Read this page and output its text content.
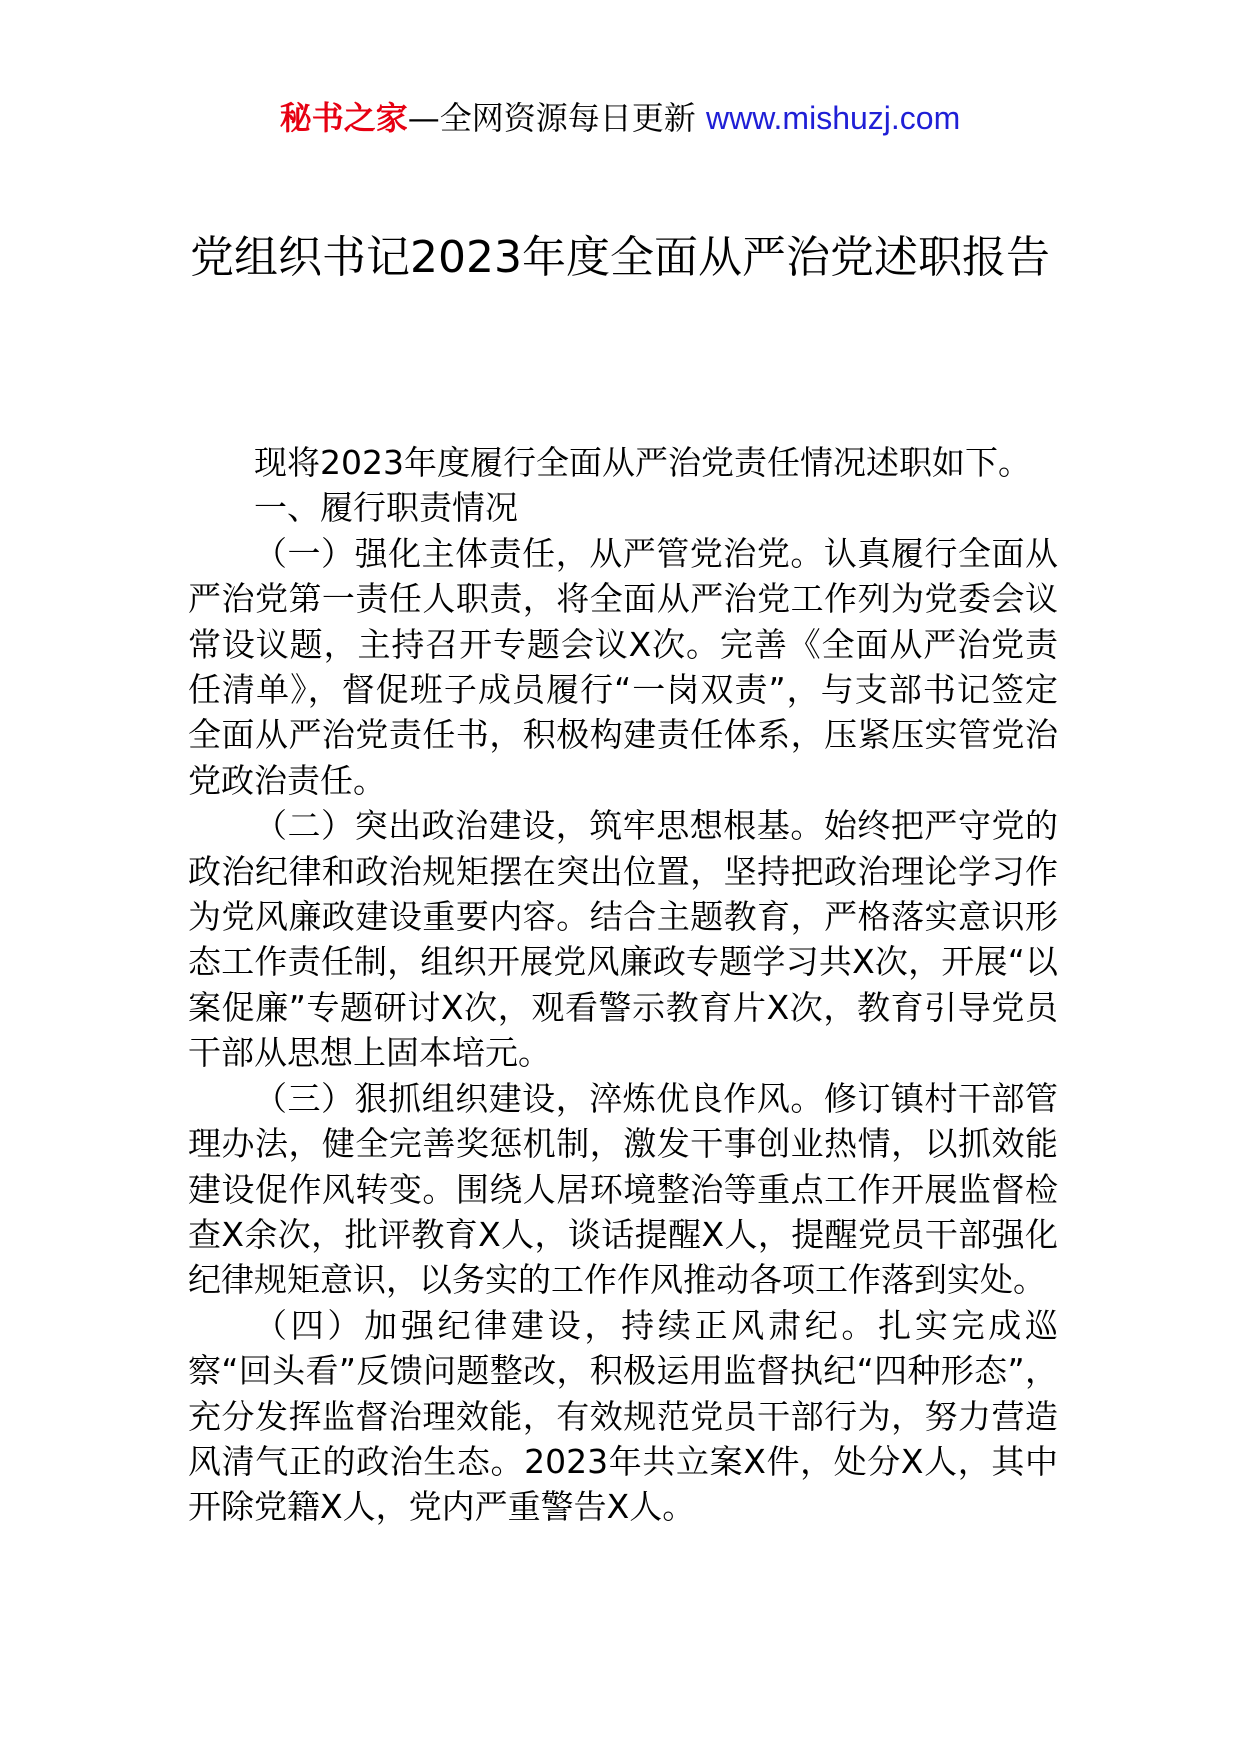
秘书之家—全网资源每日更新 www.mishuzj.com
党组织书记2023年度全面从严治党述职报告

现将2023年度履行全面从严治党责任情况述职如下。

一、履行职责情况

（一）强化主体责任，从严管党治党。认真履行全面从严治党第一责任人职责，将全面从严治党工作列为党委会议常设议题，主持召开专题会议X次。完善《全面从严治党责任清单》，督促班子成员履行“一岗双责”，与支部书记签定全面从严治党责任书，积极构建责任体系，压紧压实管党治党政治责任。

（二）突出政治建设，筑牢思想根基。始终把严守党的政治纪律和政治规矩摆在突出位置，坚持把政治理论学习作为党风廉政建设重要内容。结合主题教育，严格落实意识形态工作责任制，组织开展党风廉政专题学习共X次，开展“以案促廉”专题研讨X次，观看警示教育片X次，教育引导党员干部从思想上固本培元。

（三）狠抓组织建设，淬炼优良作风。修订镇村干部管理办法，健全完善奖惩机制，激发干事创业热情，以抓效能建设促作风转变。围绕人居环境整治等重点工作开展监督检查X余次，批评教育X人，谈话提醒X人，提醒党员干部强化纪律规矩意识，以务实的工作作风推动各项工作落到实处。

（四）加强纪律建设，持续正风肃纪。扎实完成巡察“回头看”反馈问题整改，积极运用监督执纪“四种形态”，充分发挥监督治理效能，有效规范党员干部行为，努力营造风清气正的政治生态。2023年共立案X件，处分X人，其中开除党籍X人，党内严重警告X人。
